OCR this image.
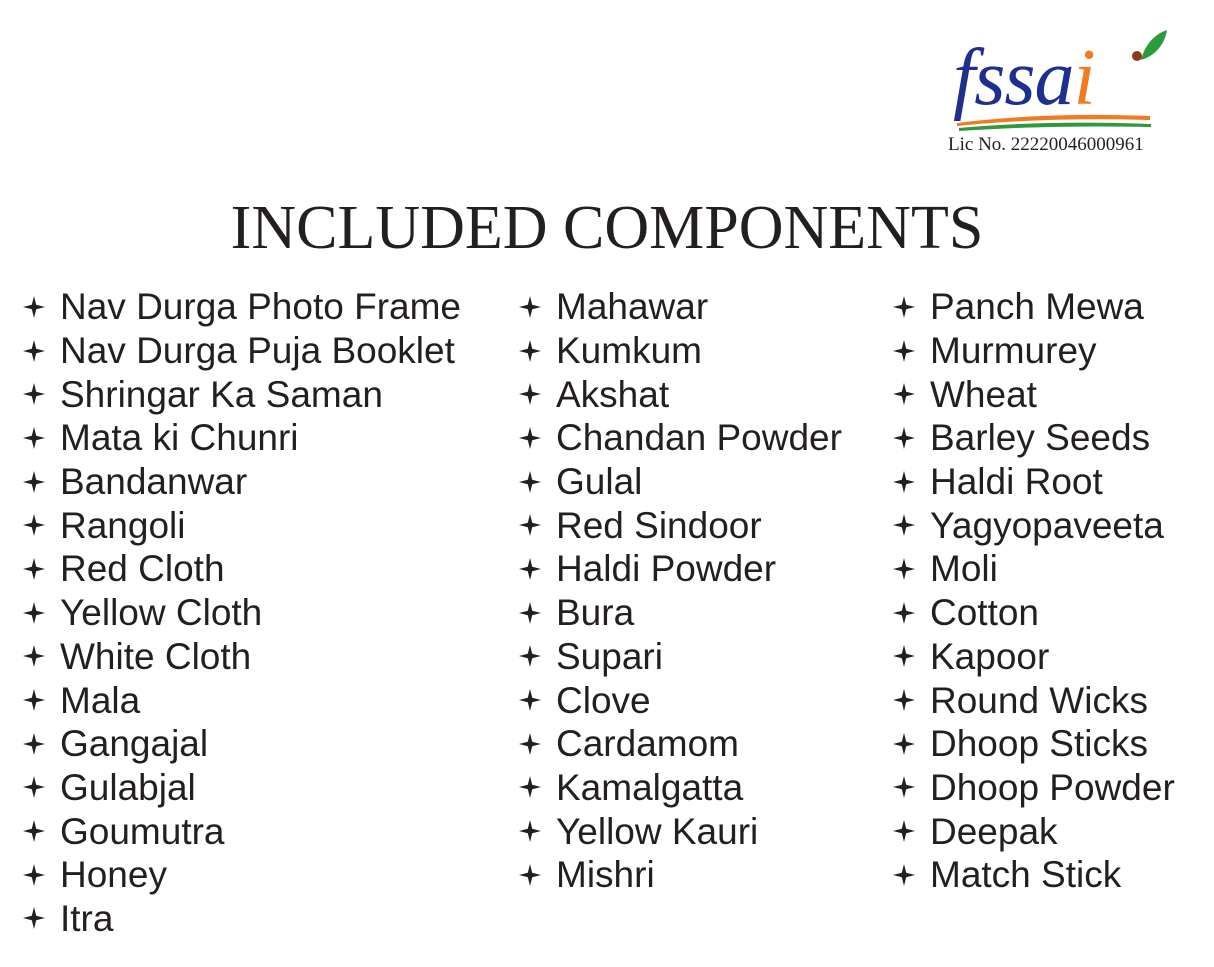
fssai
Lic No. 22220046000961
INCLUDED COMPONENTS
Nav Durga Photo Frame
Nav Durga Puja Booklet
Shringar Ka Saman
Mata ki Chunri
Bandanwar
Rangoli
Red Cloth
Yellow Cloth
White Cloth
Mala
Gangajal
Gulabjal
Goumutra
Honey
Itra
Mahawar
Kumkum
Akshat
Chandan Powder
Gulal
Red Sindoor
Haldi Powder
Bura
Supari
Clove
Cardamom
Kamalgatta
Yellow Kauri
Mishri
Panch Mewa
Murmurey
Wheat
Barley Seeds
Haldi Root
Yagyopaveeta
Moli
Cotton
Kapoor
Round Wicks
Dhoop Sticks
Dhoop Powder
Deepak
Match Stick
